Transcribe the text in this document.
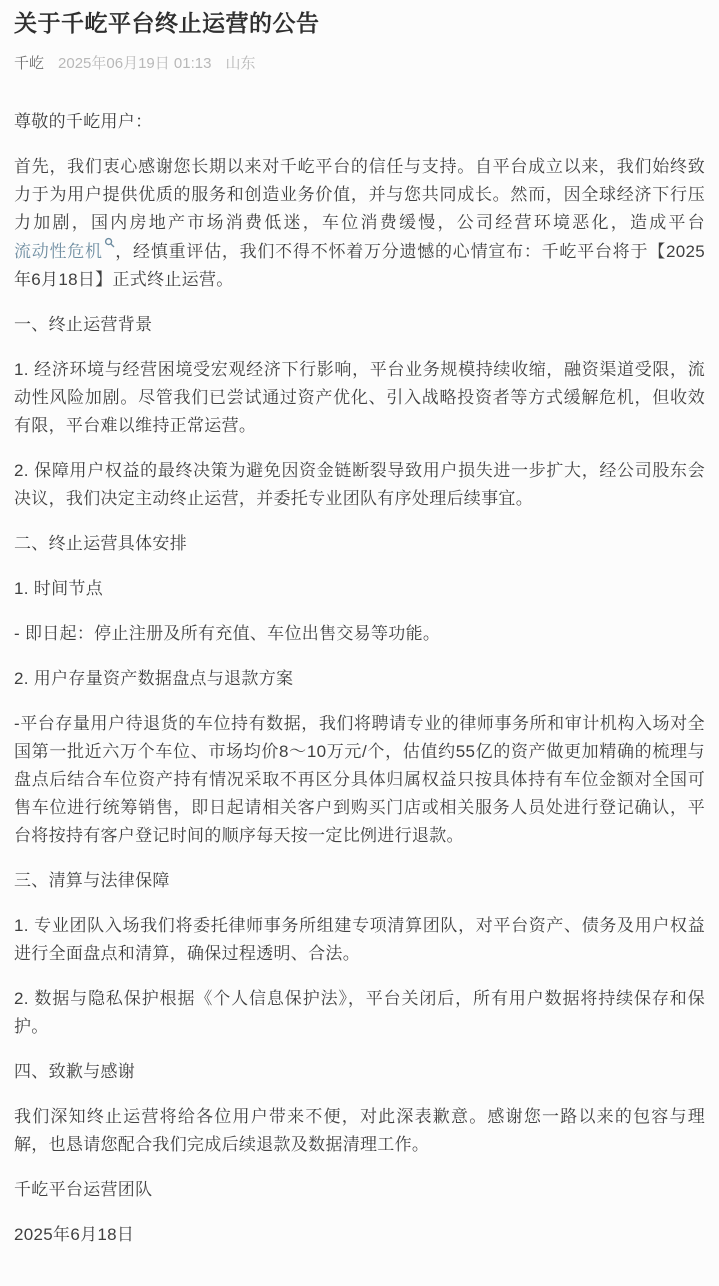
关于千屹平台终止运营的公告
千屹 2025年06月19日 01:13 山东

尊敬的千屹用户：

首先，我们衷心感谢您长期以来对千屹平台的信任与支持。自平台成立以来，我们始终致力于为用户提供优质的服务和创造业务价值，并与您共同成长。然而，因全球经济下行压力加剧，国内房地产市场消费低迷，车位消费缓慢，公司经营环境恶化，造成平台流动性危机 ，经慎重评估，我们不得不怀着万分遗憾的心情宣布：千屹平台将于【2025年6月18日】正式终止运营。

一、终止运营背景

1. 经济环境与经营困境受宏观经济下行影响，平台业务规模持续收缩，融资渠道受限，流动性风险加剧。尽管我们已尝试通过资产优化、引入战略投资者等方式缓解危机，但收效有限，平台难以维持正常运营。

2. 保障用户权益的最终决策为避免因资金链断裂导致用户损失进一步扩大，经公司股东会决议，我们决定主动终止运营，并委托专业团队有序处理后续事宜。

二、终止运营具体安排

1. 时间节点

- 即日起：停止注册及所有充值、车位出售交易等功能。

2. 用户存量资产数据盘点与退款方案

-平台存量用户待退货的车位持有数据，我们将聘请专业的律师事务所和审计机构入场对全国第一批近六万个车位、市场均价8～10万元/个，估值约55亿的资产做更加精确的梳理与盘点后结合车位资产持有情况采取不再区分具体归属权益只按具体持有车位金额对全国可售车位进行统筹销售，即日起请相关客户到购买门店或相关服务人员处进行登记确认，平台将按持有客户登记时间的顺序每天按一定比例进行退款。

三、清算与法律保障

1. 专业团队入场我们将委托律师事务所组建专项清算团队，对平台资产、债务及用户权益进行全面盘点和清算，确保过程透明、合法。

2. 数据与隐私保护根据《个人信息保护法》，平台关闭后，所有用户数据将持续保存和保护。

四、致歉与感谢

我们深知终止运营将给各位用户带来不便，对此深表歉意。感谢您一路以来的包容与理解，也恳请您配合我们完成后续退款及数据清理工作。

千屹平台运营团队

2025年6月18日
